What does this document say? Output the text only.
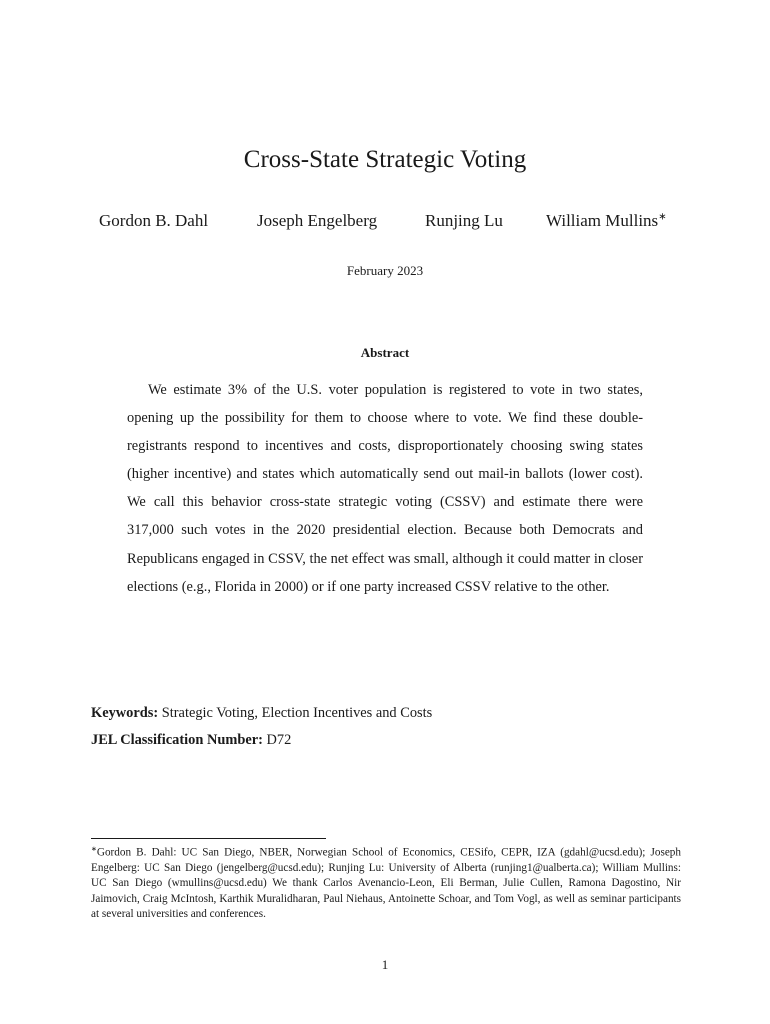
Cross-State Strategic Voting
Gordon B. Dahl	Joseph Engelberg	Runjing Lu	William Mullins∗
February 2023
Abstract

We estimate 3% of the U.S. voter population is registered to vote in two states, opening up the possibility for them to choose where to vote. We find these double-registrants respond to incentives and costs, disproportionately choosing swing states (higher incentive) and states which automatically send out mail-in ballots (lower cost). We call this behavior cross-state strategic voting (CSSV) and estimate there were 317,000 such votes in the 2020 presidential election. Because both Democrats and Republicans engaged in CSSV, the net effect was small, although it could matter in closer elections (e.g., Florida in 2000) or if one party increased CSSV relative to the other.

Keywords: Strategic Voting, Election Incentives and Costs
JEL Classification Number: D72

∗Gordon B. Dahl: UC San Diego, NBER, Norwegian School of Economics, CESifo, CEPR, IZA (gdahl@ucsd.edu); Joseph Engelberg: UC San Diego (jengelberg@ucsd.edu); Runjing Lu: University of Alberta (runjing1@ualberta.ca); William Mullins: UC San Diego (wmullins@ucsd.edu) We thank Carlos Avenancio-Leon, Eli Berman, Julie Cullen, Ramona Dagostino, Nir Jaimovich, Craig McIntosh, Karthik Muralidharan, Paul Niehaus, Antoinette Schoar, and Tom Vogl, as well as seminar participants at several universities and conferences.

1
